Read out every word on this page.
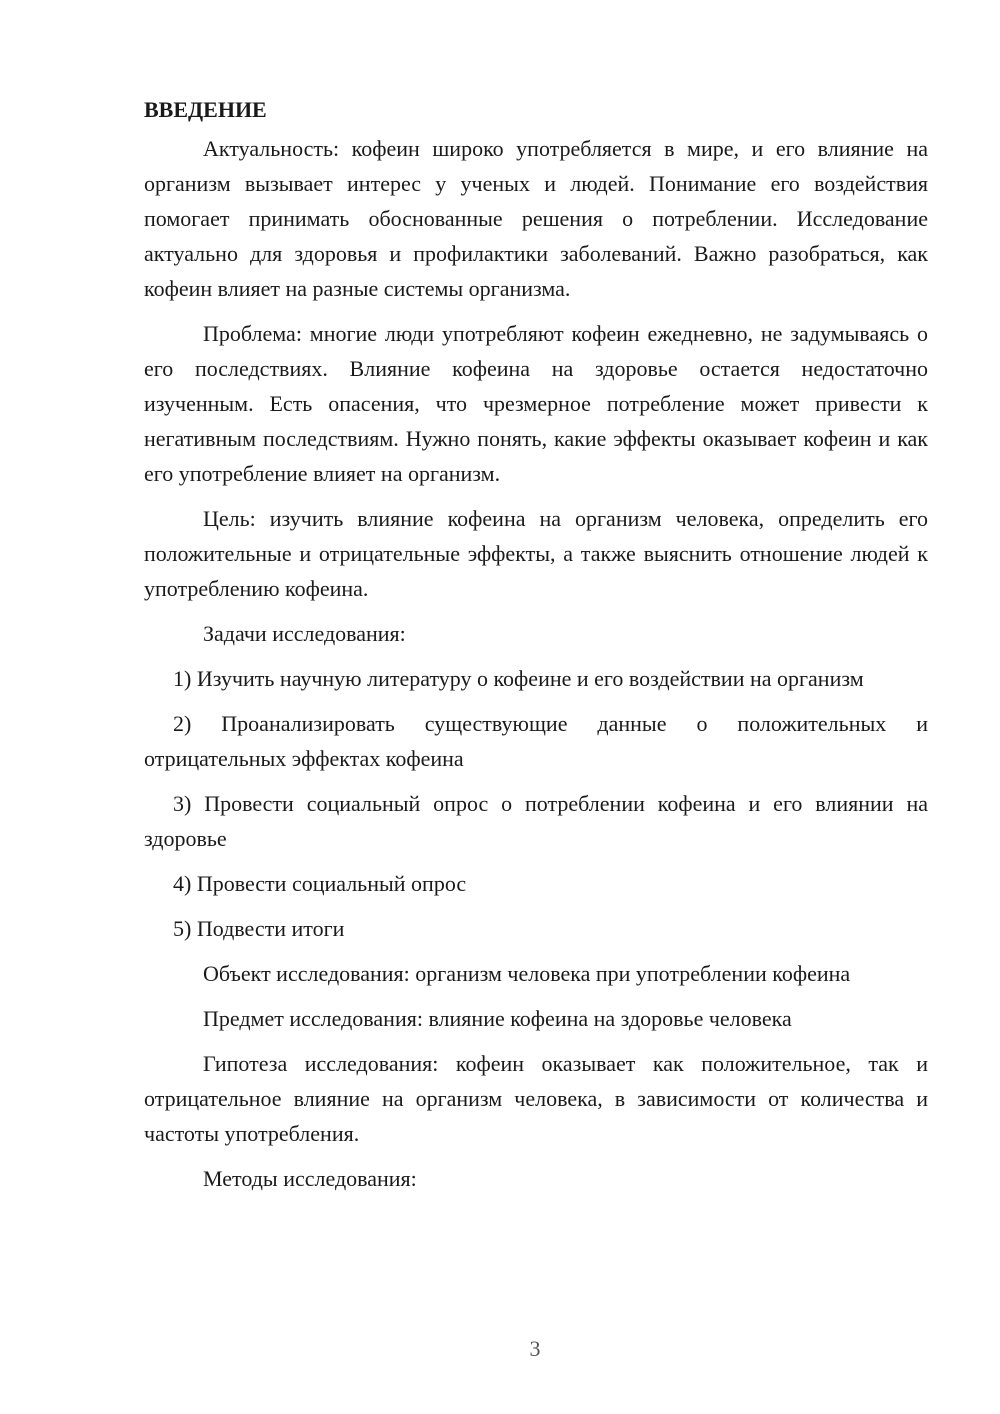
ВВЕДЕНИЕ

Актуальность: кофеин широко употребляется в мире, и его влияние на организм вызывает интерес у ученых и людей. Понимание его воздействия помогает принимать обоснованные решения о потреблении. Исследование актуально для здоровья и профилактики заболеваний. Важно разобраться, как кофеин влияет на разные системы организма.

Проблема: многие люди употребляют кофеин ежедневно, не задумываясь о его последствиях. Влияние кофеина на здоровье остается недостаточно изученным. Есть опасения, что чрезмерное потребление может привести к негативным последствиям. Нужно понять, какие эффекты оказывает кофеин и как его употребление влияет на организм.

Цель: изучить влияние кофеина на организм человека, определить его положительные и отрицательные эффекты, а также выяснить отношение людей к употреблению кофеина.

Задачи исследования:

1) Изучить научную литературу о кофеине и его воздействии на организм

2) Проанализировать существующие данные о положительных и отрицательных эффектах кофеина

3) Провести социальный опрос о потреблении кофеина и его влиянии на здоровье

4) Провести социальный опрос

5) Подвести итоги

Объект исследования: организм человека при употреблении кофеина

Предмет исследования: влияние кофеина на здоровье человека

Гипотеза исследования: кофеин оказывает как положительное, так и отрицательное влияние на организм человека, в зависимости от количества и частоты употребления.

Методы исследования:

3
